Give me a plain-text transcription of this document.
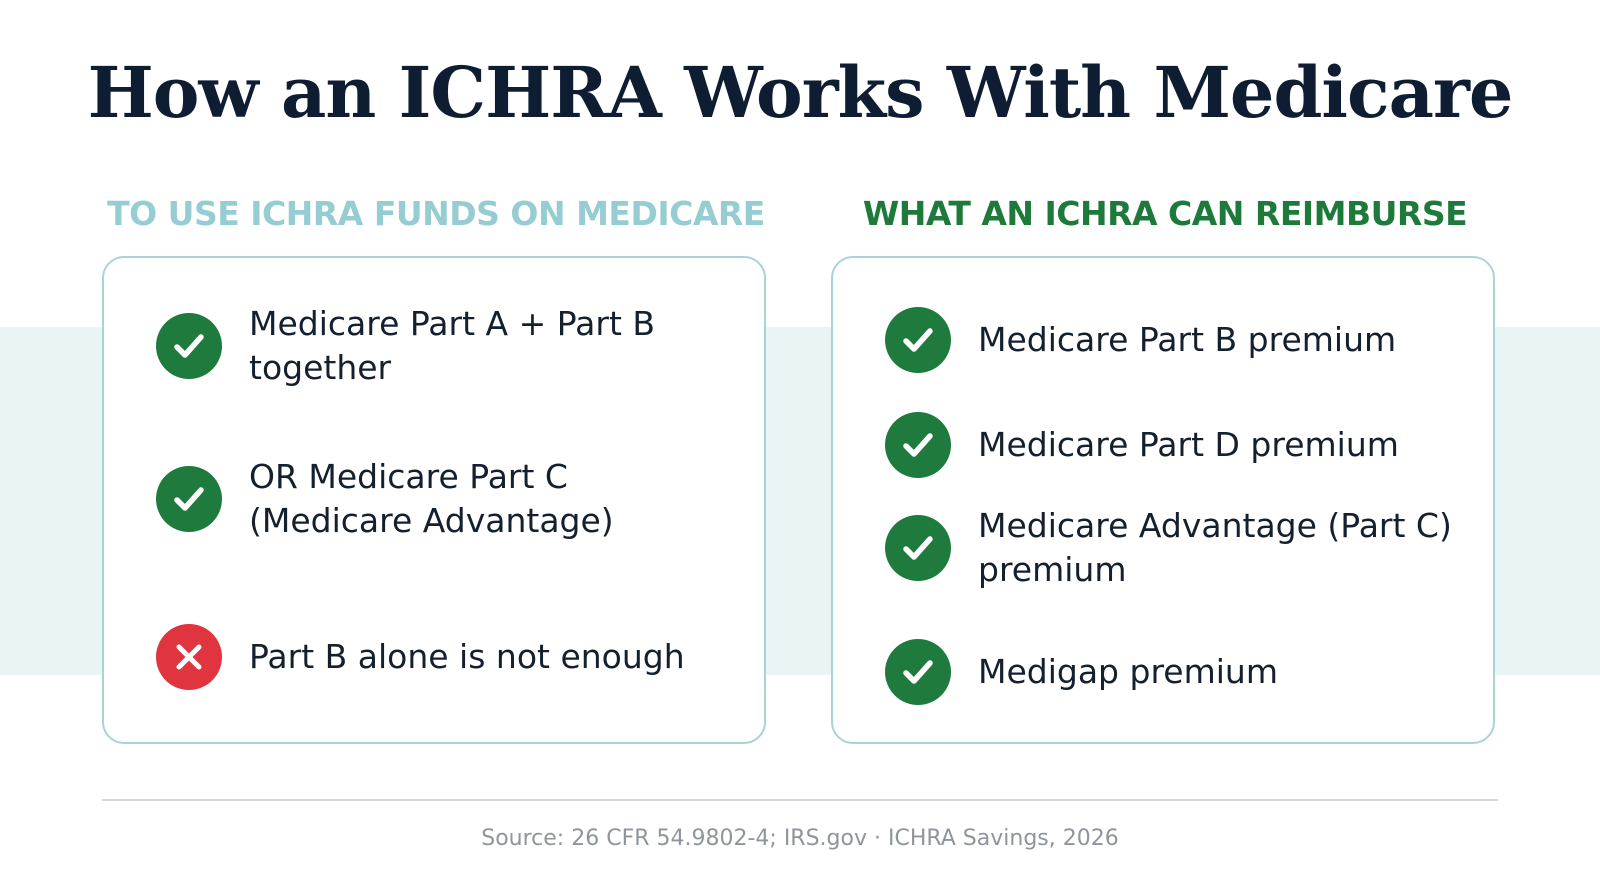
How an ICHRA Works With Medicare
TO USE ICHRA FUNDS ON MEDICARE	WHAT AN ICHRA CAN REIMBURSE
Medicare Part A + Part B
together
OR Medicare Part C
(Medicare Advantage)
Part B alone is not enough
Medicare Part B premium
Medicare Part D premium
Medicare Advantage (Part C)
premium
Medigap premium
Source: 26 CFR 54.9802-4; IRS.gov · ICHRA Savings, 2026
